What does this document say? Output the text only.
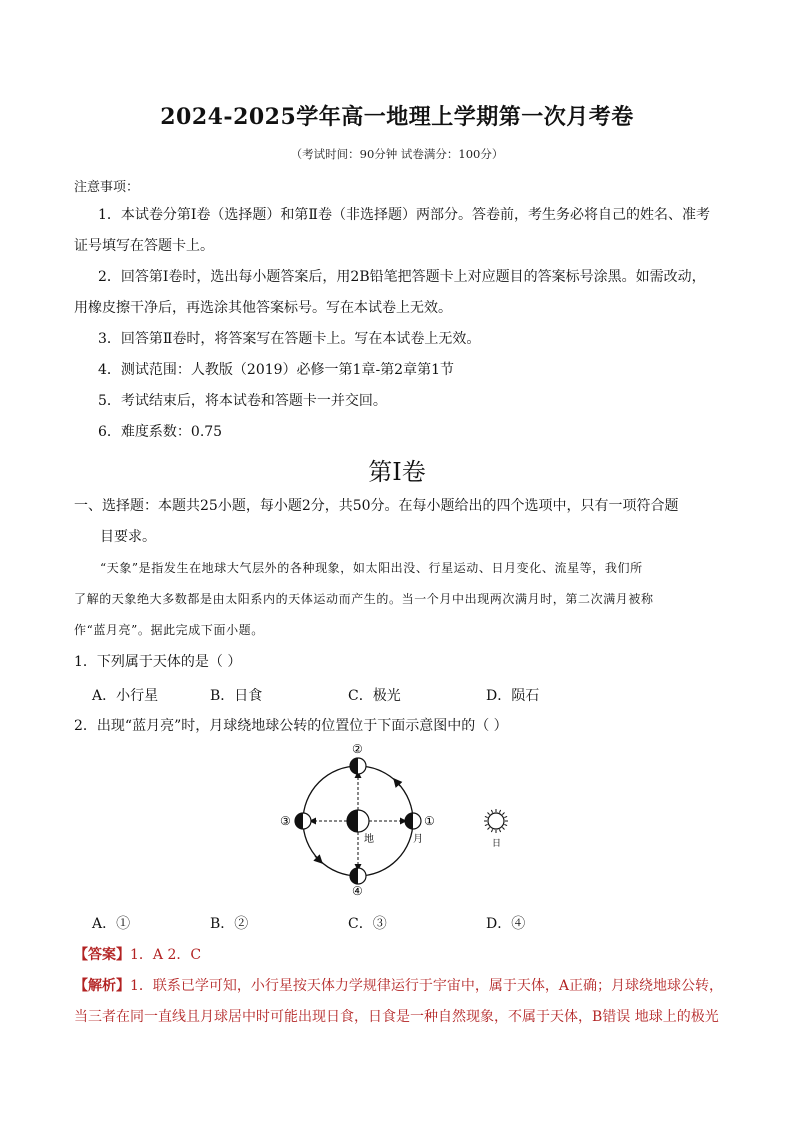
2024-2025学年高一地理上学期第一次月考卷
（考试时间：90分钟 试卷满分：100分）
注意事项：
1．本试卷分第Ⅰ卷（选择题）和第Ⅱ卷（非选择题）两部分。答卷前，考生务必将自己的姓名、准考
证号填写在答题卡上。
2．回答第Ⅰ卷时，选出每小题答案后，用2B铅笔把答题卡上对应题目的答案标号涂黑。如需改动，
用橡皮擦干净后，再选涂其他答案标号。写在本试卷上无效。
3．回答第Ⅱ卷时，将答案写在答题卡上。写在本试卷上无效。
4．测试范围：人教版（2019）必修一第1章-第2章第1节
5．考试结束后，将本试卷和答题卡一并交回。
6．难度系数：0.75
第Ⅰ卷
一、选择题：本题共25小题，每小题2分，共50分。在每小题给出的四个选项中，只有一项符合题
目要求。
“天象”是指发生在地球大气层外的各种现象，如太阳出没、行星运动、日月变化、流星等，我们所
了解的天象绝大多数都是由太阳系内的天体运动而产生的。当一个月中出现两次满月时，第二次满月被称
作“蓝月亮”。据此完成下面小题。
1．下列属于天体的是（ ）
A．小行星	B．日食	C．极光	D．陨石
2．出现“蓝月亮”时，月球绕地球公转的位置位于下面示意图中的（ ）
②
④
③	①
地	月	日
A．①	B．②	C．③	D．④
【答案】1．A 2．C
【解析】1．联系已学可知，小行星按天体力学规律运行于宇宙中，属于天体，A正确；月球绕地球公转，
当三者在同一直线且月球居中时可能出现日食，日食是一种自然现象，不属于天体，B错误 地球上的极光
